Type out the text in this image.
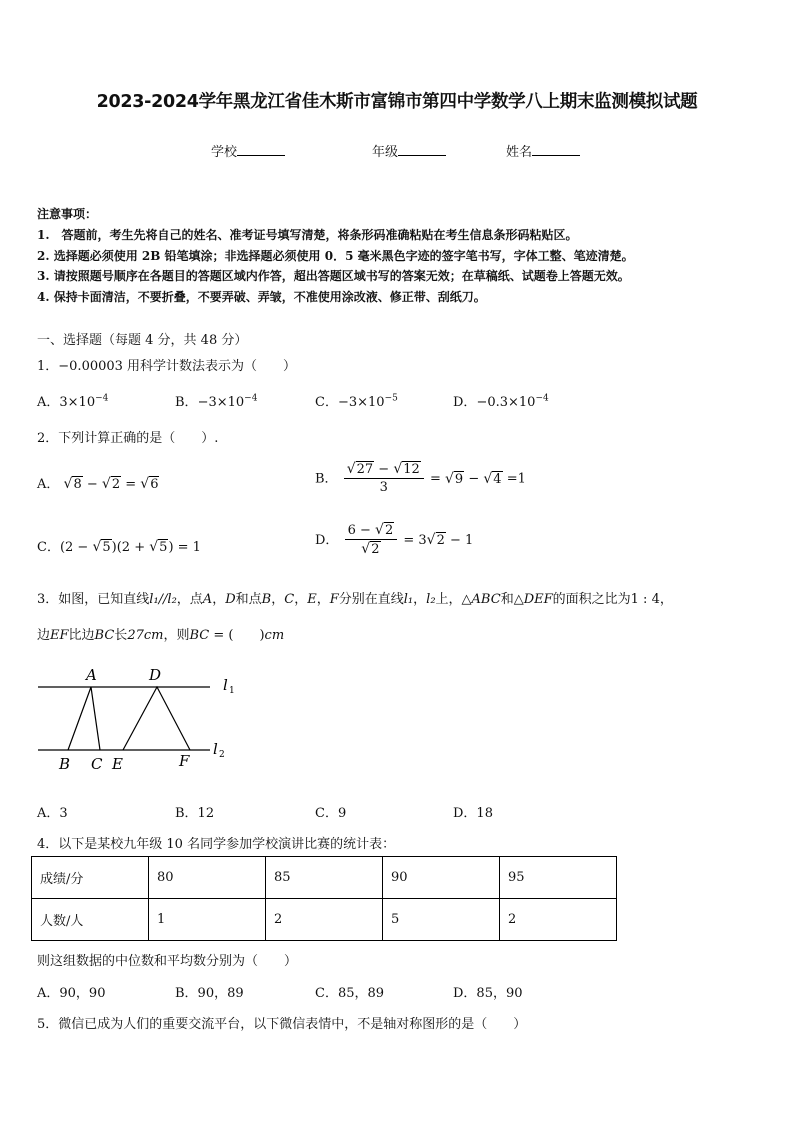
2023-2024学年黑龙江省佳木斯市富锦市第四中学数学八上期末监测模拟试题
学校	年级	姓名
注意事项：
1.　答题前，考生先将自己的姓名、准考证号填写清楚，将条形码准确粘贴在考生信息条形码粘贴区。
2. 选择题必须使用 2B 铅笔填涂；非选择题必须使用 0．5 毫米黑色字迹的签字笔书写，字体工整、笔迹清楚。
3. 请按照题号顺序在各题目的答题区域内作答，超出答题区域书写的答案无效；在草稿纸、试题卷上答题无效。
4. 保持卡面清洁，不要折叠，不要弄破、弄皱，不准使用涂改液、修正带、刮纸刀。
一、选择题（每题 4 分，共 48 分）
1．−0.00003 用科学计数法表示为（　　）
A．$3\times 10^{-4}$	B．$-3\times 10^{-4}$	C．$-3\times 10^{-5}$	D．$-0.3\times 10^{-4}$
2．下列计算正确的是（　　）.
A． √8 − √2 = √6	B． $\frac{√27 - √12}{3} = √9 - √4 =1$
C．(2 − √5)(2 + √5) = 1	D． $\frac{6 - √2}{√2} = 3√2 - 1$
3．如图，已知直线l₁//l₂，点A，D和点B，C，E，F分别在直线l₁，l₂上，△ABC和△DEF的面积之比为1 : 4，
边EF比边BC长27cm，则BC = (　　)cm
A	D
B C E	F
l 1
l 2
A．3	B．12	C．9	D．18
4．以下是某校九年级 10 名同学参加学校演讲比赛的统计表：
成绩/分	80	85	90	95
人数/人	1	2	5	2
则这组数据的中位数和平均数分别为（　　）
A．90，90	B．90，89	C．85，89	D．85，90
5．微信已成为人们的重要交流平台，以下微信表情中，不是轴对称图形的是（　　）
